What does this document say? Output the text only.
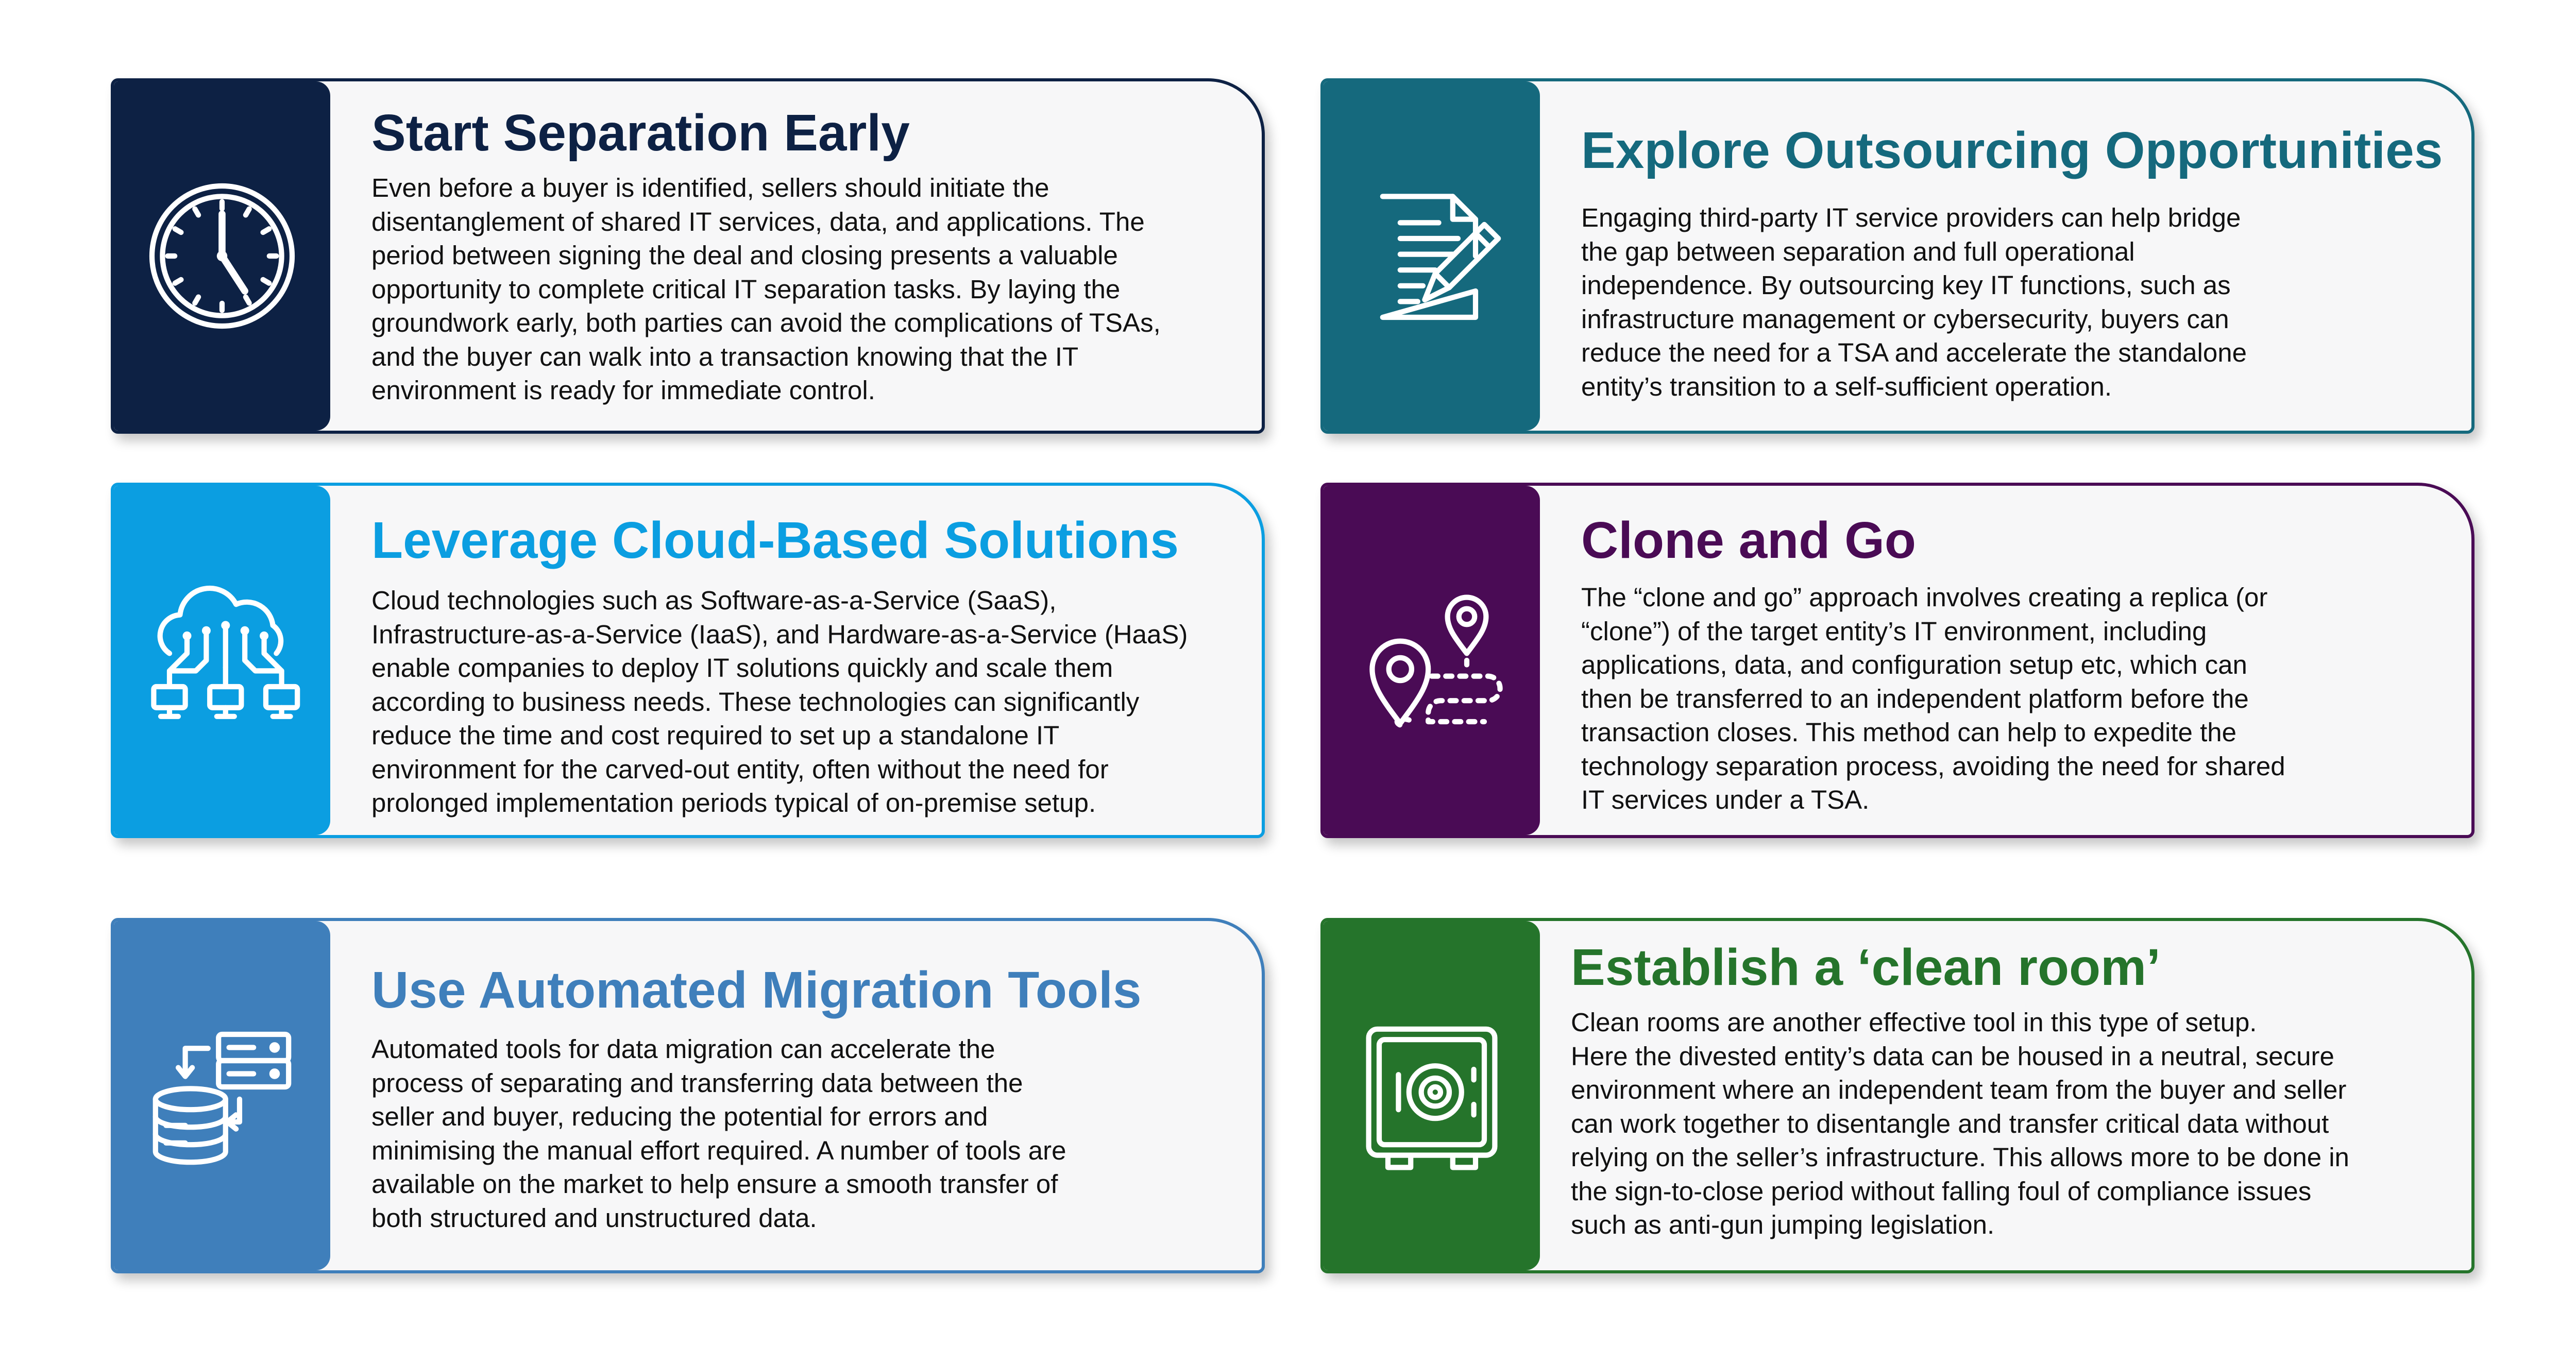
Start Separation Early

Even before a buyer is identified, sellers should initiate the
disentanglement of shared IT services, data, and applications. The
period between signing the deal and closing presents a valuable
opportunity to complete critical IT separation tasks. By laying the
groundwork early, both parties can avoid the complications of TSAs,
and the buyer can walk into a transaction knowing that the IT
environment is ready for immediate control.

Explore Outsourcing Opportunities

Engaging third-party IT service providers can help bridge
the gap between separation and full operational
independence. By outsourcing key IT functions, such as
infrastructure management or cybersecurity, buyers can
reduce the need for a TSA and accelerate the standalone
entity’s transition to a self-sufficient operation.

Leverage Cloud-Based Solutions

Cloud technologies such as Software-as-a-Service (SaaS),
Infrastructure-as-a-Service (IaaS), and Hardware-as-a-Service (HaaS)
enable companies to deploy IT solutions quickly and scale them
according to business needs. These technologies can significantly
reduce the time and cost required to set up a standalone IT
environment for the carved-out entity, often without the need for
prolonged implementation periods typical of on-premise setup.

Clone and Go

The “clone and go” approach involves creating a replica (or
“clone”) of the target entity’s IT environment, including
applications, data, and configuration setup etc, which can
then be transferred to an independent platform before the
transaction closes. This method can help to expedite the
technology separation process, avoiding the need for shared
IT services under a TSA.

Use Automated Migration Tools

Automated tools for data migration can accelerate the
process of separating and transferring data between the
seller and buyer, reducing the potential for errors and
minimising the manual effort required. A number of tools are
available on the market to help ensure a smooth transfer of
both structured and unstructured data.

Establish a ‘clean room’

Clean rooms are another effective tool in this type of setup.
Here the divested entity’s data can be housed in a neutral, secure
environment where an independent team from the buyer and seller
can work together to disentangle and transfer critical data without
relying on the seller’s infrastructure. This allows more to be done in
the sign-to-close period without falling foul of compliance issues
such as anti-gun jumping legislation.
